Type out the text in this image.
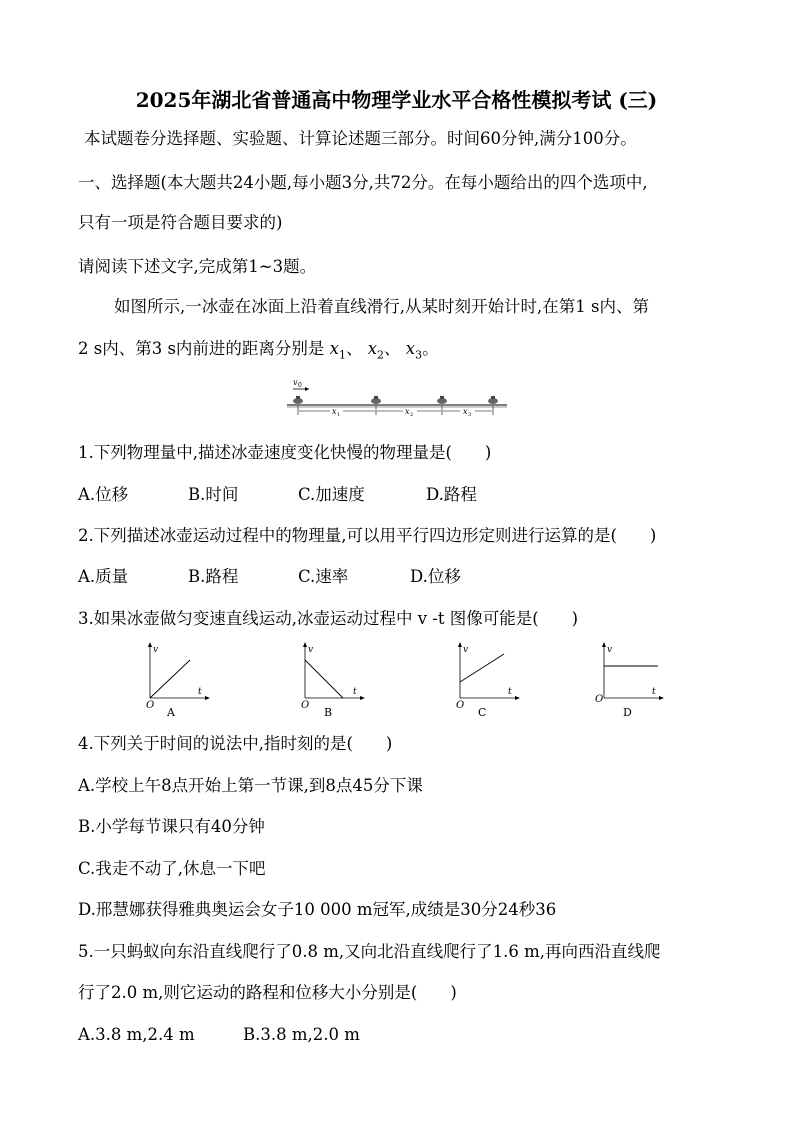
2025年湖北省普通高中物理学业水平合格性模拟考试 (三)
本试题卷分选择题、实验题、计算论述题三部分。时间60分钟,满分100分。
一、选择题(本大题共24小题,每小题3分,共72分。在每小题给出的四个选项中,
只有一项是符合题目要求的)
请阅读下述文字,完成第1~3题。
如图所示,一冰壶在冰面上沿着直线滑行,从某时刻开始计时,在第1 s内、第
2 s内、第3 s内前进的距离分别是 $x_1$、 $x_2$、 $x_3$。
v 0
x 1	x 2	x 3
1.下列物理量中,描述冰壶速度变化快慢的物理量是(　　)
A.位移	B.时间	C.加速度	D.路程
2.下列描述冰壶运动过程中的物理量,可以用平行四边形定则进行运算的是(　　)
A.质量	B.路程	C.速率	D.位移
3.如果冰壶做匀变速直线运动,冰壶运动过程中 v -t 图像可能是(　　)
O
v
t
A
O
v
t
B
O
v
t
C
O
v
t
D
4.下列关于时间的说法中,指时刻的是(　　)
A.学校上午8点开始上第一节课,到8点45分下课
B.小学每节课只有40分钟
C.我走不动了,休息一下吧
D.邢慧娜获得雅典奥运会女子10 000 m冠军,成绩是30分24秒36
5.一只蚂蚁向东沿直线爬行了0.8 m,又向北沿直线爬行了1.6 m,再向西沿直线爬
行了2.0 m,则它运动的路程和位移大小分别是(　　)
A.3.8 m,2.4 m	B.3.8 m,2.0 m
